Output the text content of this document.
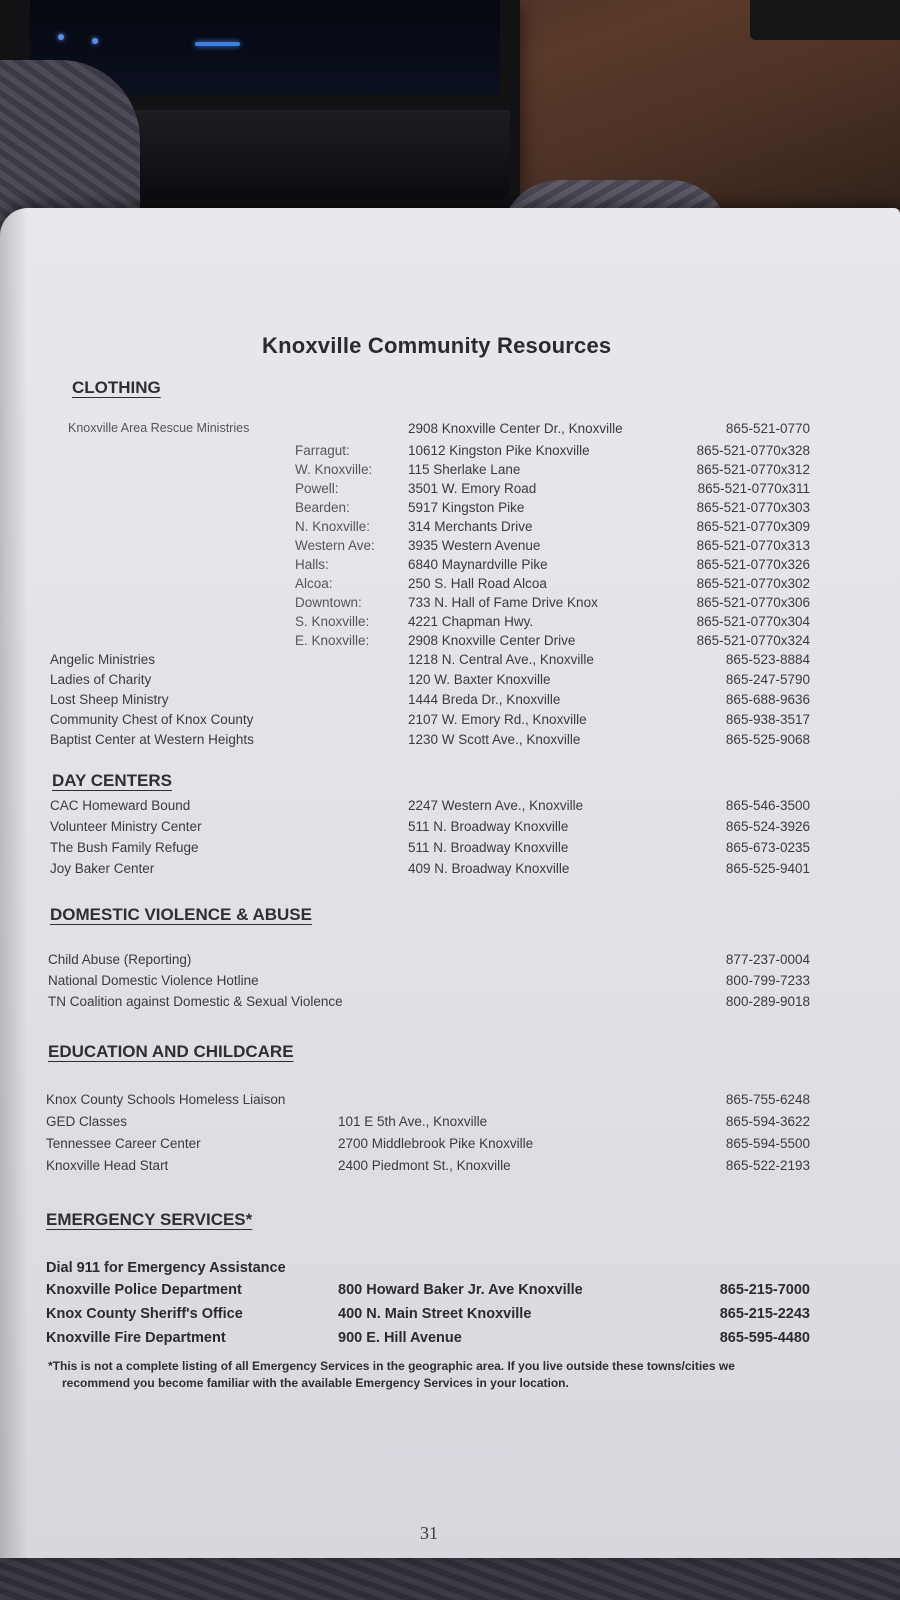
Knoxville Community Resources
CLOTHING
Knoxville Area Rescue Ministries	2908 Knoxville Center Dr., Knoxville	865-521-0770
Farragut:	10612 Kingston Pike Knoxville	865-521-0770x328
W. Knoxville:	115 Sherlake Lane	865-521-0770x312
Powell:	3501 W. Emory Road	865-521-0770x311
Bearden:	5917 Kingston Pike	865-521-0770x303
N. Knoxville:	314 Merchants Drive	865-521-0770x309
Western Ave: 3935 Western Avenue	865-521-0770x313
Halls:	6840 Maynardville Pike	865-521-0770x326
Alcoa:	250 S. Hall Road Alcoa	865-521-0770x302
Downtown:	733 N. Hall of Fame Drive Knox	865-521-0770x306
S. Knoxville:	4221 Chapman Hwy.	865-521-0770x304
E. Knoxville:	2908 Knoxville Center Drive	865-521-0770x324
Angelic Ministries	1218 N. Central Ave., Knoxville	865-523-8884
Ladies of Charity	120 W. Baxter Knoxville	865-247-5790
Lost Sheep Ministry	1444 Breda Dr., Knoxville	865-688-9636
Community Chest of Knox County	2107 W. Emory Rd., Knoxville	865-938-3517
Baptist Center at Western Heights	1230 W Scott Ave., Knoxville	865-525-9068
DAY CENTERS
CAC Homeward Bound	2247 Western Ave., Knoxville	865-546-3500
Volunteer Ministry Center	511 N. Broadway Knoxville	865-524-3926
The Bush Family Refuge	511 N. Broadway Knoxville	865-673-0235
Joy Baker Center	409 N. Broadway Knoxville	865-525-9401
DOMESTIC VIOLENCE & ABUSE
Child Abuse (Reporting)	877-237-0004
National Domestic Violence Hotline	800-799-7233
TN Coalition against Domestic & Sexual Violence	800-289-9018
EDUCATION AND CHILDCARE
Knox County Schools Homeless Liaison	865-755-6248
GED Classes	101 E 5th Ave., Knoxville	865-594-3622
Tennessee Career Center	2700 Middlebrook Pike Knoxville	865-594-5500
Knoxville Head Start	2400 Piedmont St., Knoxville	865-522-2193
EMERGENCY SERVICES*
Dial 911 for Emergency Assistance
Knoxville Police Department	800 Howard Baker Jr. Ave Knoxville	865-215-7000
Knox County Sheriff's Office	400 N. Main Street Knoxville	865-215-2243
Knoxville Fire Department	900 E. Hill Avenue	865-595-4480
*This is not a complete listing of all Emergency Services in the geographic area. If you live outside these towns/cities we
recommend you become familiar with the available Emergency Services in your location.
31
